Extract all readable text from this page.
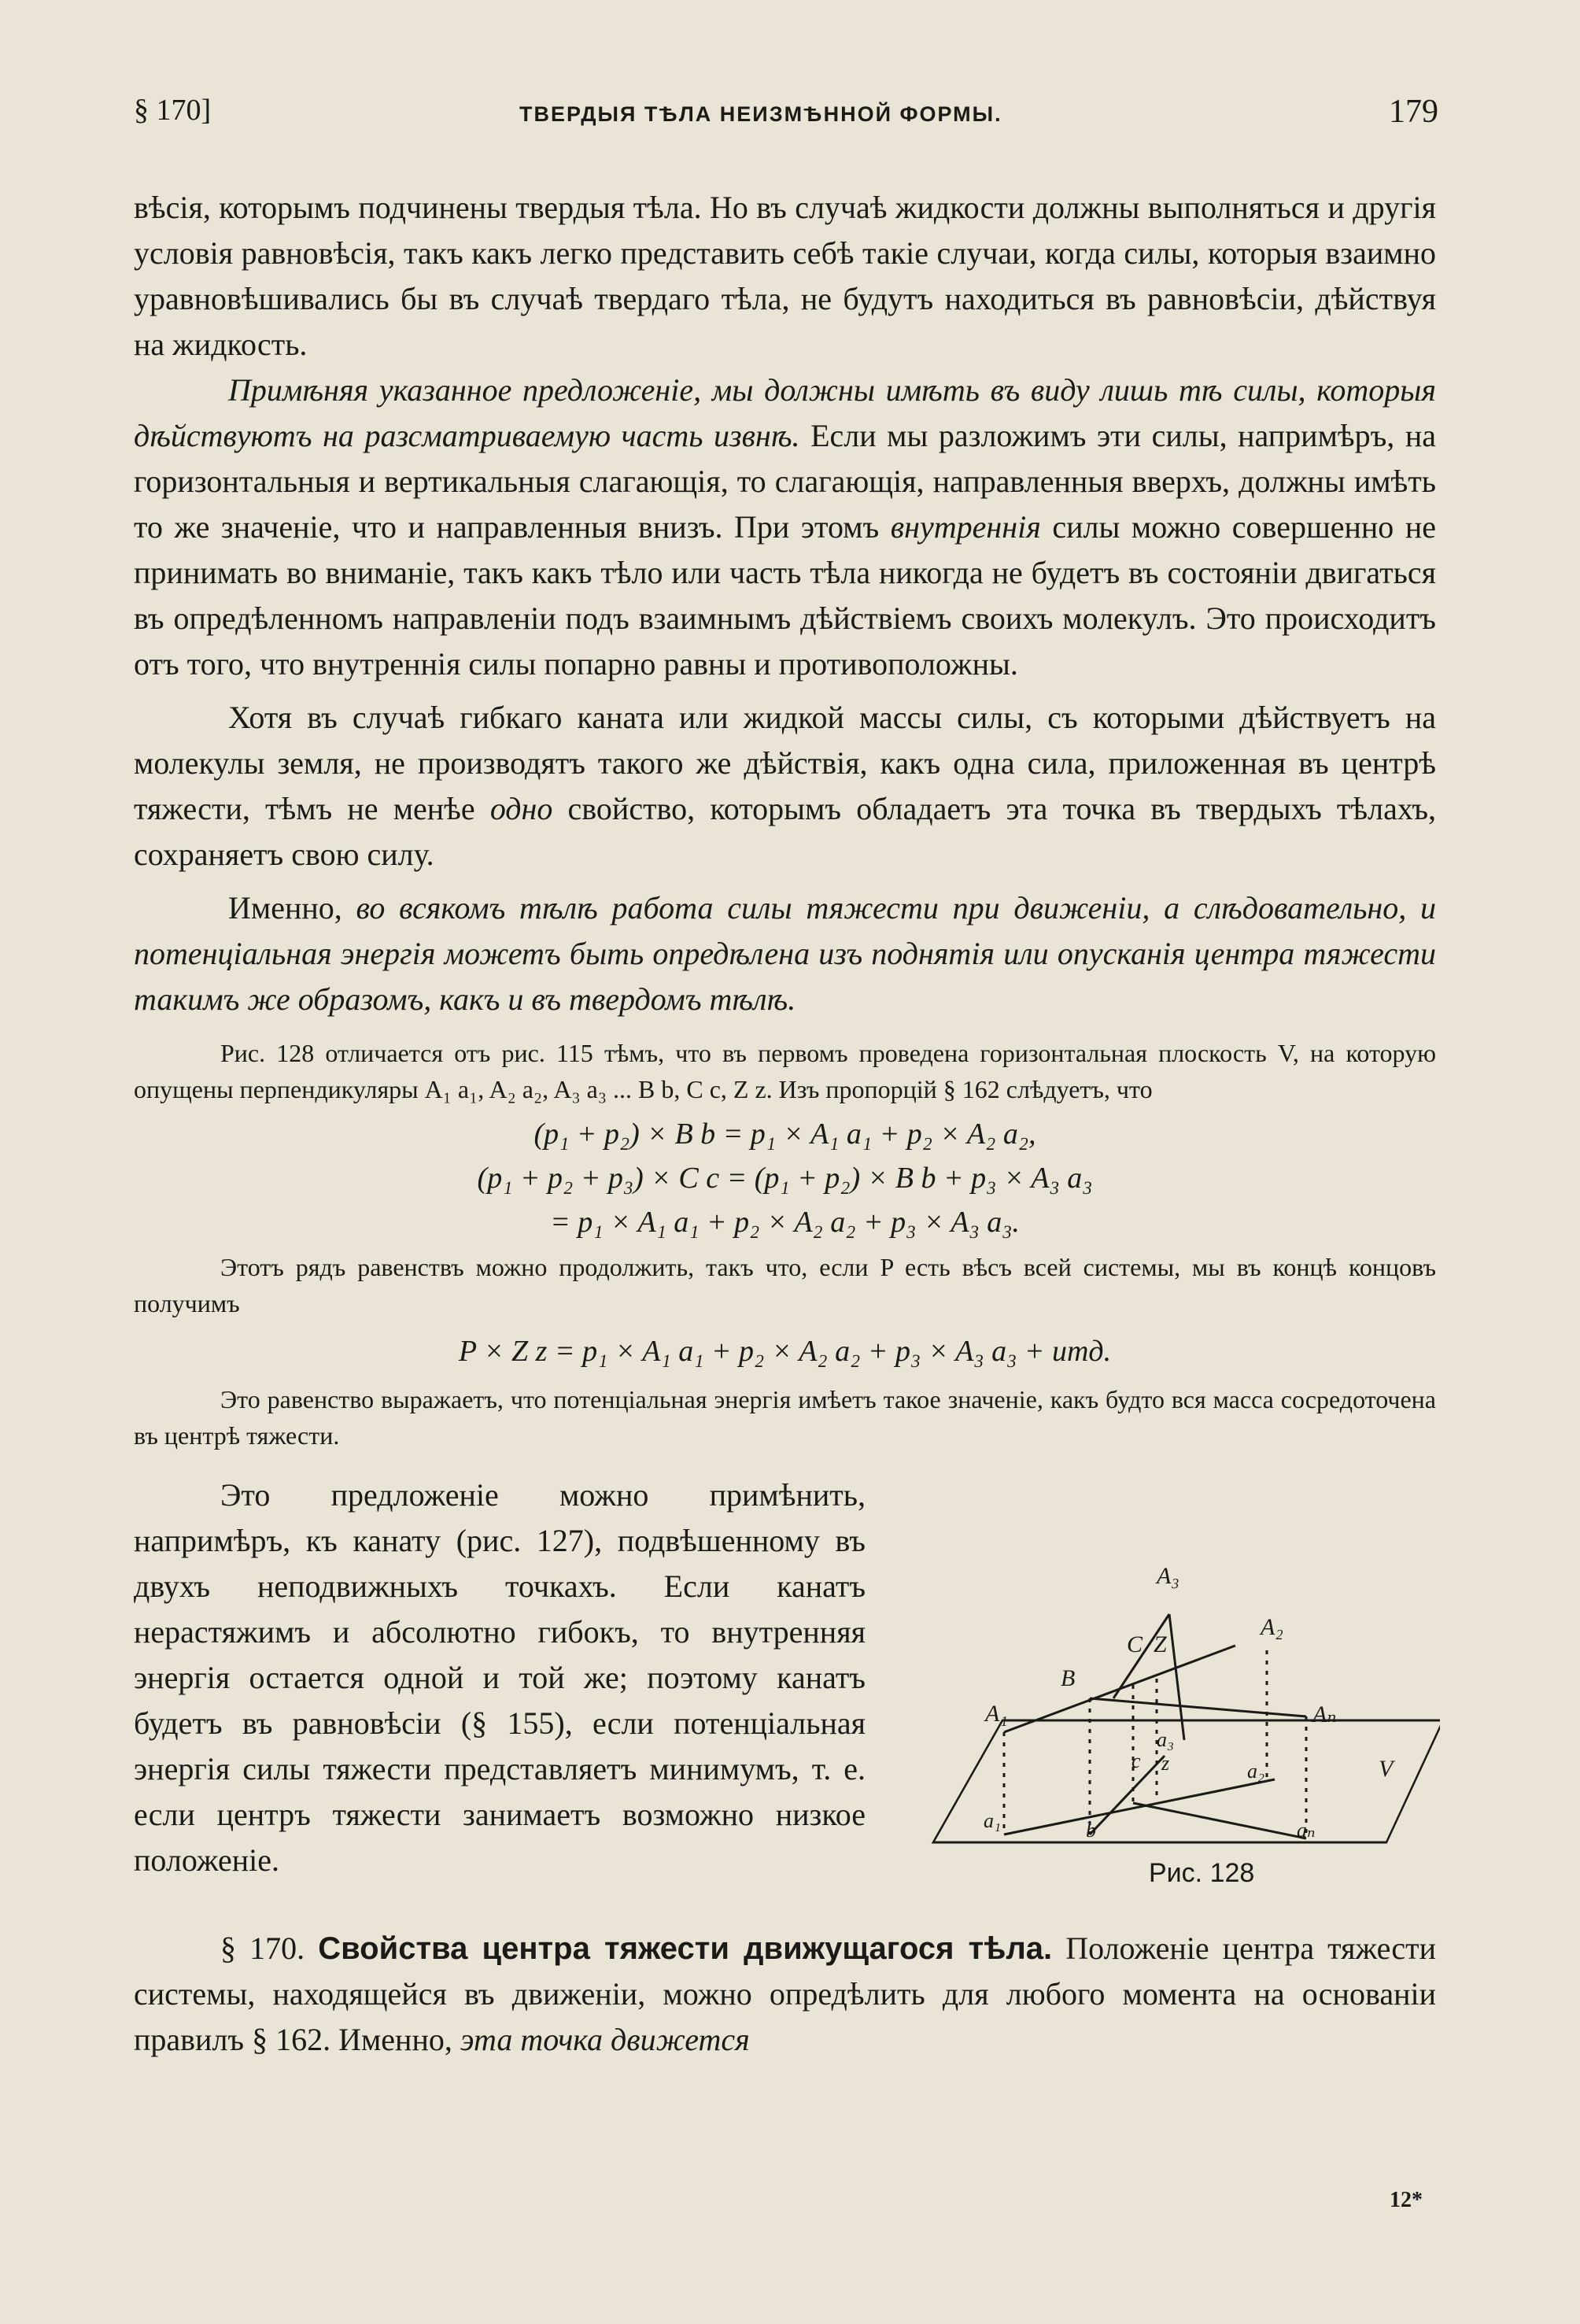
§ 170]	ТВЕРДЫЯ ТѢЛА НЕИЗМѢННОЙ ФОРМЫ.	179

вѣсія, которымъ подчинены твердыя тѣла. Но въ случаѣ жидкости должны выполняться и другія условія равновѣсія, такъ какъ легко представить себѣ такіе случаи, когда силы, которыя взаимно уравновѣшивались бы въ случаѣ твердаго тѣла, не будутъ находиться въ равновѣсіи, дѣйствуя на жидкость.

Примѣняя указанное предложеніе, мы должны имѣть въ виду лишь тѣ силы, которыя дѣйствуютъ на разсматриваемую часть извнѣ. Если мы разложимъ эти силы, напримѣръ, на горизонтальныя и вертикальныя слагающія, то слагающія, направленныя вверхъ, должны имѣть то же значеніе, что и направленныя внизъ. При этомъ внутреннія силы можно совершенно не принимать во вниманіе, такъ какъ тѣло или часть тѣла никогда не будетъ въ состояніи двигаться въ опредѣленномъ направленіи подъ взаимнымъ дѣйствіемъ своихъ молекулъ. Это происходитъ отъ того, что внутреннія силы попарно равны и противоположны.

Хотя въ случаѣ гибкаго каната или жидкой массы силы, съ которыми дѣйствуетъ на молекулы земля, не производятъ такого же дѣйствія, какъ одна сила, приложенная въ центрѣ тяжести, тѣмъ не менѣе одно свойство, которымъ обладаетъ эта точка въ твердыхъ тѣлахъ, сохраняетъ свою силу.

Именно, во всякомъ тѣлѣ работа силы тяжести при движеніи, а слѣдовательно, и потенціальная энергія можетъ быть опредѣлена изъ поднятія или опусканія центра тяжести такимъ же образомъ, какъ и въ твердомъ тѣлѣ.

Рис. 128 отличается отъ рис. 115 тѣмъ, что въ первомъ проведена горизонтальная плоскость V, на которую опущены перпендикуляры A₁ a₁, A₂ a₂, A₃ a₃ ... B b, C c, Z z. Изъ пропорцій § 162 слѣдуетъ, что

(p₁ + p₂) × B b = p₁ × A₁ a₁ + p₂ × A₂ a₂,

(p₁ + p₂ + p₃) × C c = (p₁ + p₂) × B b + p₃ × A₃ a₃

= p₁ × A₁ a₁ + p₂ × A₂ a₂ + p₃ × A₃ a₃.

Этотъ рядъ равенствъ можно продолжить, такъ что, если P есть вѣсъ всей системы, мы въ концѣ концовъ получимъ

P × Z z = p₁ × A₁ a₁ + p₂ × A₂ a₂ + p₃ × A₃ a₃ + итд.

Это равенство выражаетъ, что потенціальная энергія имѣетъ такое значеніе, какъ будто вся масса сосредоточена въ центрѣ тяжести.

Это предложеніе можно примѣнить, напримѣръ, къ канату (рис. 127), подвѣшенному въ двухъ неподвижныхъ точкахъ. Если канатъ нерастяжимъ и абсолютно гибокъ, то внутренняя энергія остается одной и той же; поэтому канатъ будетъ въ равновѣсіи (§ 155), если потенціальная энергія силы тяжести представляетъ минимумъ, т. е. если центръ тяжести занимаетъ возможно низкое положеніе.

A₃
A₂
A₁	Aₙ
B
C Z
a₃
a₂
c z
a₁	b	aₙ
V
Рис. 128

§ 170. Свойства центра тяжести движущагося тѣла. Положеніе центра тяжести системы, находящейся въ движеніи, можно опредѣлить для любого момента на основаніи правилъ § 162. Именно, эта точка движется

12*
